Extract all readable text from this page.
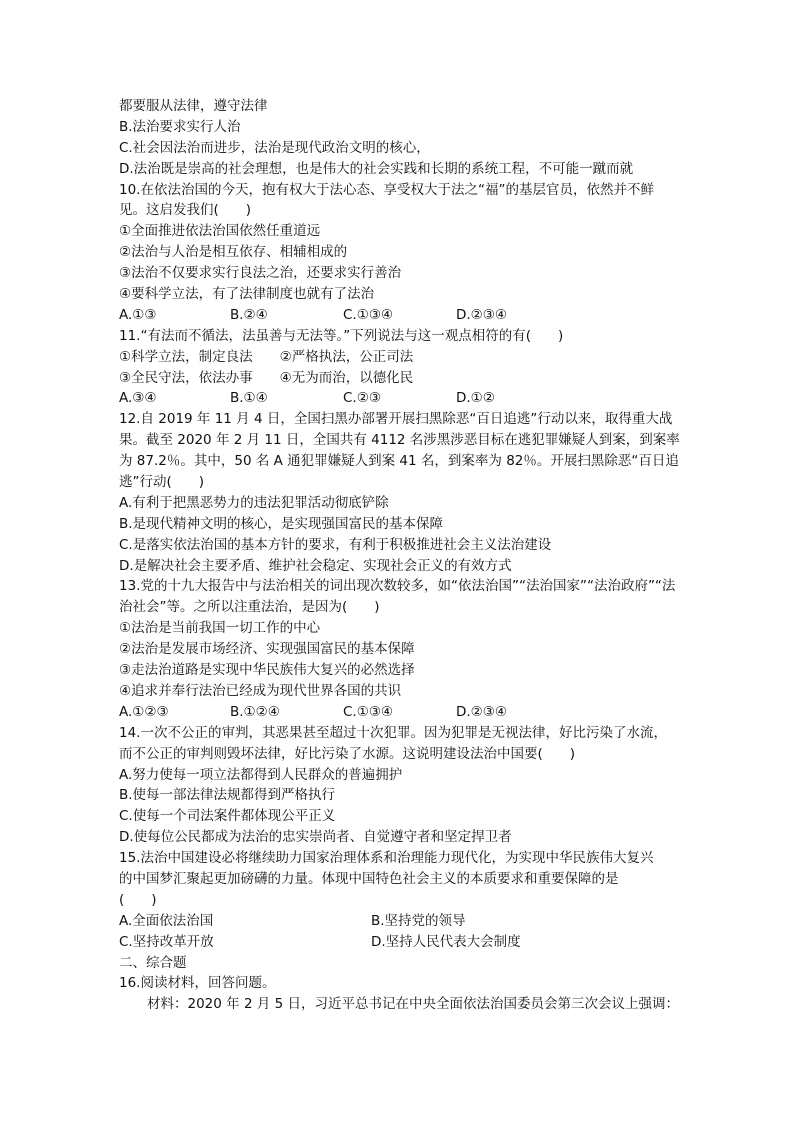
都要服从法律，遵守法律
B.法治要求实行人治
C.社会因法治而进步，法治是现代政治文明的核心，
D.法治既是崇高的社会理想，也是伟大的社会实践和长期的系统工程，不可能一蹴而就
10.在依法治国的今天，抱有权大于法心态、享受权大于法之“福”的基层官员，依然并不鲜
见。这启发我们(　　)
①全面推进依法治国依然任重道远
②法治与人治是相互依存、相辅相成的
③法治不仅要求实行良法之治，还要求实行善治
④要科学立法，有了法律制度也就有了法治
A.①③	B.②④	C.①③④	D.②③④
11.“有法而不循法，法虽善与无法等。”下列说法与这一观点相符的有(　　)
①科学立法，制定良法　　②严格执法，公正司法
③全民守法，依法办事　　④无为而治，以德化民
A.③④	B.①④	C.②③	D.①②
12.自 2019 年 11 月 4 日，全国扫黑办部署开展扫黑除恶“百日追逃”行动以来，取得重大战
果。截至 2020 年 2 月 11 日，全国共有 4112 名涉黑涉恶目标在逃犯罪嫌疑人到案，到案率
为 87.2％。其中，50 名 A 通犯罪嫌疑人到案 41 名，到案率为 82％。开展扫黑除恶“百日追
逃”行动(　　)
A.有利于把黑恶势力的违法犯罪活动彻底铲除
B.是现代精神文明的核心，是实现强国富民的基本保障
C.是落实依法治国的基本方针的要求，有利于积极推进社会主义法治建设
D.是解决社会主要矛盾、维护社会稳定、实现社会正义的有效方式
13.党的十九大报告中与法治相关的词出现次数较多，如“依法治国”“法治国家”“法治政府”“法
治社会”等。之所以注重法治，是因为(　　)
①法治是当前我国一切工作的中心
②法治是发展市场经济、实现强国富民的基本保障
③走法治道路是实现中华民族伟大复兴的必然选择
④追求并奉行法治已经成为现代世界各国的共识
A.①②③	B.①②④	C.①③④	D.②③④
14.一次不公正的审判，其恶果甚至超过十次犯罪。因为犯罪是无视法律，好比污染了水流，
而不公正的审判则毁坏法律，好比污染了水源。这说明建设法治中国要(　　)
A.努力使每一项立法都得到人民群众的普遍拥护
B.使每一部法律法规都得到严格执行
C.使每一个司法案件都体现公平正义
D.使每位公民都成为法治的忠实崇尚者、自觉遵守者和坚定捍卫者
15.法治中国建设必将继续助力国家治理体系和治理能力现代化，为实现中华民族伟大复兴
的中国梦汇聚起更加磅礴的力量。体现中国特色社会主义的本质要求和重要保障的是
(　　)
A.全面依法治国	B.坚持党的领导
C.坚持改革开放	D.坚持人民代表大会制度
二、综合题
16.阅读材料，回答问题。
材料：2020 年 2 月 5 日，习近平总书记在中央全面依法治国委员会第三次会议上强调：
